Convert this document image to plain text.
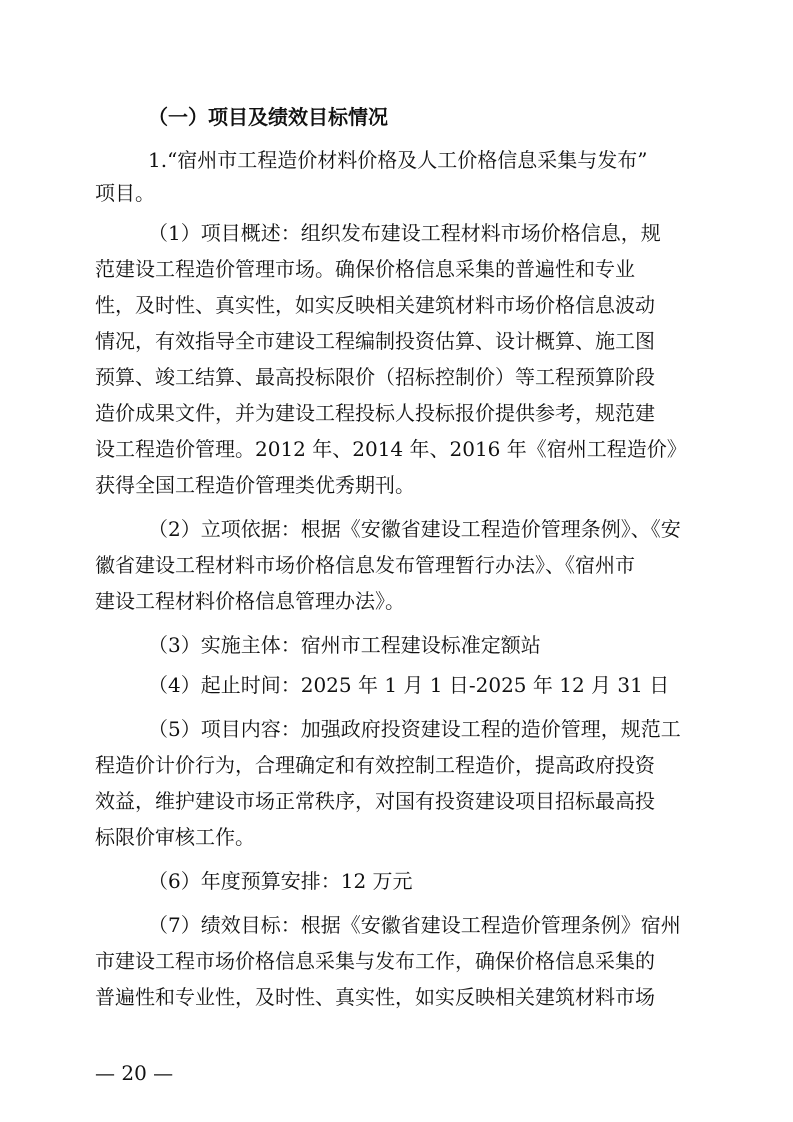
（一）项目及绩效目标情况
1.“宿州市工程造价材料价格及人工价格信息采集与发布”
项目。
（1）项目概述：组织发布建设工程材料市场价格信息，规
范建设工程造价管理市场。确保价格信息采集的普遍性和专业
性，及时性、真实性，如实反映相关建筑材料市场价格信息波动
情况，有效指导全市建设工程编制投资估算、设计概算、施工图
预算、竣工结算、最高投标限价（招标控制价）等工程预算阶段
造价成果文件，并为建设工程投标人投标报价提供参考，规范建
设工程造价管理。2012 年、2014 年、2016 年《宿州工程造价》
获得全国工程造价管理类优秀期刊。
（2）立项依据：根据《安徽省建设工程造价管理条例》、《安
徽省建设工程材料市场价格信息发布管理暂行办法》、《宿州市
建设工程材料价格信息管理办法》。
（3）实施主体：宿州市工程建设标准定额站
（4）起止时间：2025 年 1 月 1 日-2025 年 12 月 31 日
（5）项目内容：加强政府投资建设工程的造价管理，规范工
程造价计价行为，合理确定和有效控制工程造价，提高政府投资
效益，维护建设市场正常秩序，对国有投资建设项目招标最高投
标限价审核工作。
（6）年度预算安排：12 万元
（7）绩效目标：根据《安徽省建设工程造价管理条例》宿州
市建设工程市场价格信息采集与发布工作，确保价格信息采集的
普遍性和专业性，及时性、真实性，如实反映相关建筑材料市场
— 20 —
